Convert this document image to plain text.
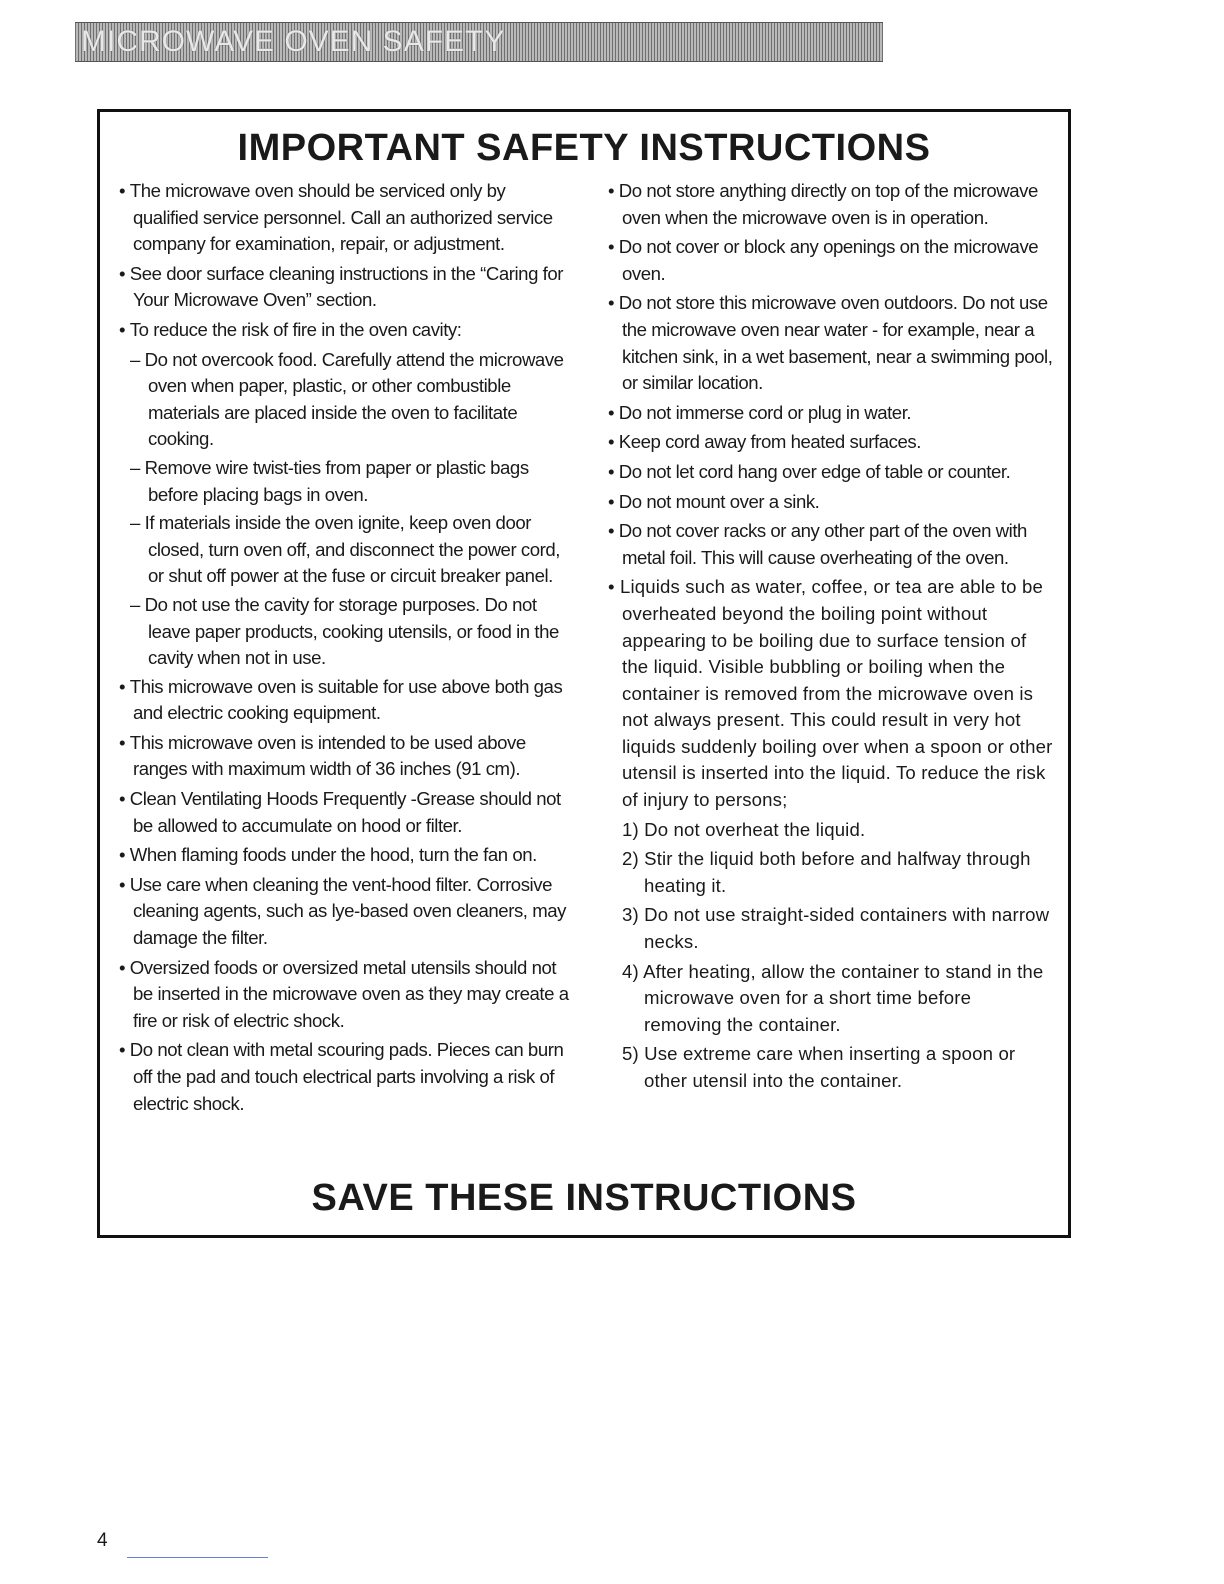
MICROWAVE OVEN SAFETY
IMPORTANT SAFETY INSTRUCTIONS
• The microwave oven should be serviced only by qualified service personnel. Call an authorized service company for examination, repair, or adjustment.
• See door surface cleaning instructions in the “Caring for Your Microwave Oven” section.
• To reduce the risk of fire in the oven cavity:
– Do not overcook food. Carefully attend the microwave oven when paper, plastic, or other combustible materials are placed inside the oven to facilitate cooking.
– Remove wire twist-ties from paper or plastic bags before placing bags in oven.
– If materials inside the oven ignite, keep oven door closed, turn oven off, and disconnect the power cord, or shut off power at the fuse or circuit breaker panel.
– Do not use the cavity for storage purposes. Do not leave paper products, cooking utensils, or food in the cavity when not in use.
• This microwave oven is suitable for use above both gas and electric cooking equipment.
• This microwave oven is intended to be used above ranges with maximum width of 36 inches (91 cm).
• Clean Ventilating Hoods Frequently -Grease should not be allowed to accumulate on hood or filter.
• When flaming foods under the hood, turn the fan on.
• Use care when cleaning the vent-hood filter. Corrosive cleaning agents, such as lye-based oven cleaners, may damage the filter.
• Oversized foods or oversized metal utensils should not be inserted in the microwave oven as they may create a fire or risk of electric shock.
• Do not clean with metal scouring pads. Pieces can burn off the pad and touch electrical parts involving a risk of electric shock.
• Do not store anything directly on top of the microwave oven when the microwave oven is in operation.
• Do not cover or block any openings on the microwave oven.
• Do not store this microwave oven outdoors. Do not use the microwave oven near water - for example, near a kitchen sink, in a wet basement, near a swimming pool, or similar location.
• Do not immerse cord or plug in water.
• Keep cord away from heated surfaces.
• Do not let cord hang over edge of table or counter.
• Do not mount over a sink.
• Do not cover racks or any other part of the oven with metal foil. This will cause overheating of the oven.
• Liquids such as water, coffee, or tea are able to be overheated beyond the boiling point without appearing to be boiling due to surface tension of the liquid. Visible bubbling or boiling when the container is removed from the microwave oven is not always present. This could result in very hot liquids suddenly boiling over when a spoon or other utensil is inserted into the liquid. To reduce the risk of injury to persons;
1) Do not overheat the liquid.
2) Stir the liquid both before and halfway through heating it.
3) Do not use straight-sided containers with narrow necks.
4) After heating, allow the container to stand in the microwave oven for a short time before removing the container.
5) Use extreme care when inserting a spoon or other utensil into the container.
SAVE THESE INSTRUCTIONS
4
